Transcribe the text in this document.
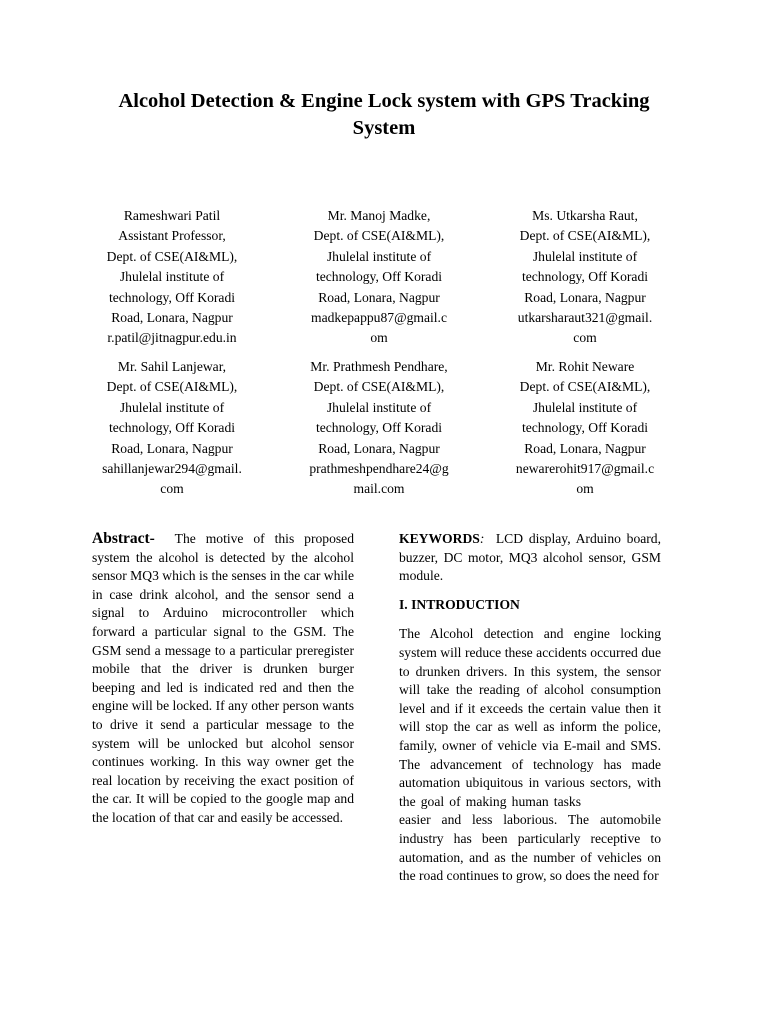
Alcohol Detection & Engine Lock system with GPS Tracking System
Rameshwari Patil
Assistant Professor,
Dept. of CSE(AI&ML),
Jhulelal institute of
technology, Off Koradi
Road, Lonara, Nagpur
r.patil@jitnagpur.edu.in
Mr. Manoj Madke,
Dept. of CSE(AI&ML),
Jhulelal institute of
technology, Off Koradi
Road, Lonara, Nagpur
madkepappu87@gmail.c
om
Ms. Utkarsha Raut,
Dept. of CSE(AI&ML),
Jhulelal institute of
technology, Off Koradi
Road, Lonara, Nagpur
utkarsharaut321@gmail.
com
Mr. Sahil Lanjewar,
Dept. of CSE(AI&ML),
Jhulelal institute of
technology, Off Koradi
Road, Lonara, Nagpur
sahillanjewar294@gmail.
com
Mr. Prathmesh Pendhare,
Dept. of CSE(AI&ML),
Jhulelal institute of
technology, Off Koradi
Road, Lonara, Nagpur
prathmeshpendhare24@g
mail.com
Mr. Rohit Neware
Dept. of CSE(AI&ML),
Jhulelal institute of
technology, Off Koradi
Road, Lonara, Nagpur
newarerohit917@gmail.c
om

Abstract- The motive of this proposed system the alcohol is detected by the alcohol sensor MQ3 which is the senses in the car while in case drink alcohol, and the sensor send a signal to Arduino microcontroller which forward a particular signal to the GSM. The GSM send a message to a particular preregister mobile that the driver is drunken burger beeping and led is indicated red and then the engine will be locked. If any other person wants to drive it send a particular message to the system will be unlocked but alcohol sensor continues working. In this way owner get the real location by receiving the exact position of the car. It will be copied to the google map and the location of that car and easily be accessed.

KEYWORDS: LCD display, Arduino board, buzzer, DC motor, MQ3 alcohol sensor, GSM module.

I. INTRODUCTION

The Alcohol detection and engine locking system will reduce these accidents occurred due to drunken drivers. In this system, the sensor will take the reading of alcohol consumption level and if it exceeds the certain value then it will stop the car as well as inform the police, family, owner of vehicle via E-mail and SMS. The advancement of technology has made automation ubiquitous in various sectors, with the goal of making human taskseasier and less laborious. The automobile industry has been particularly receptive to automation, and as the number of vehicles on the road continues to grow, so does the need for
